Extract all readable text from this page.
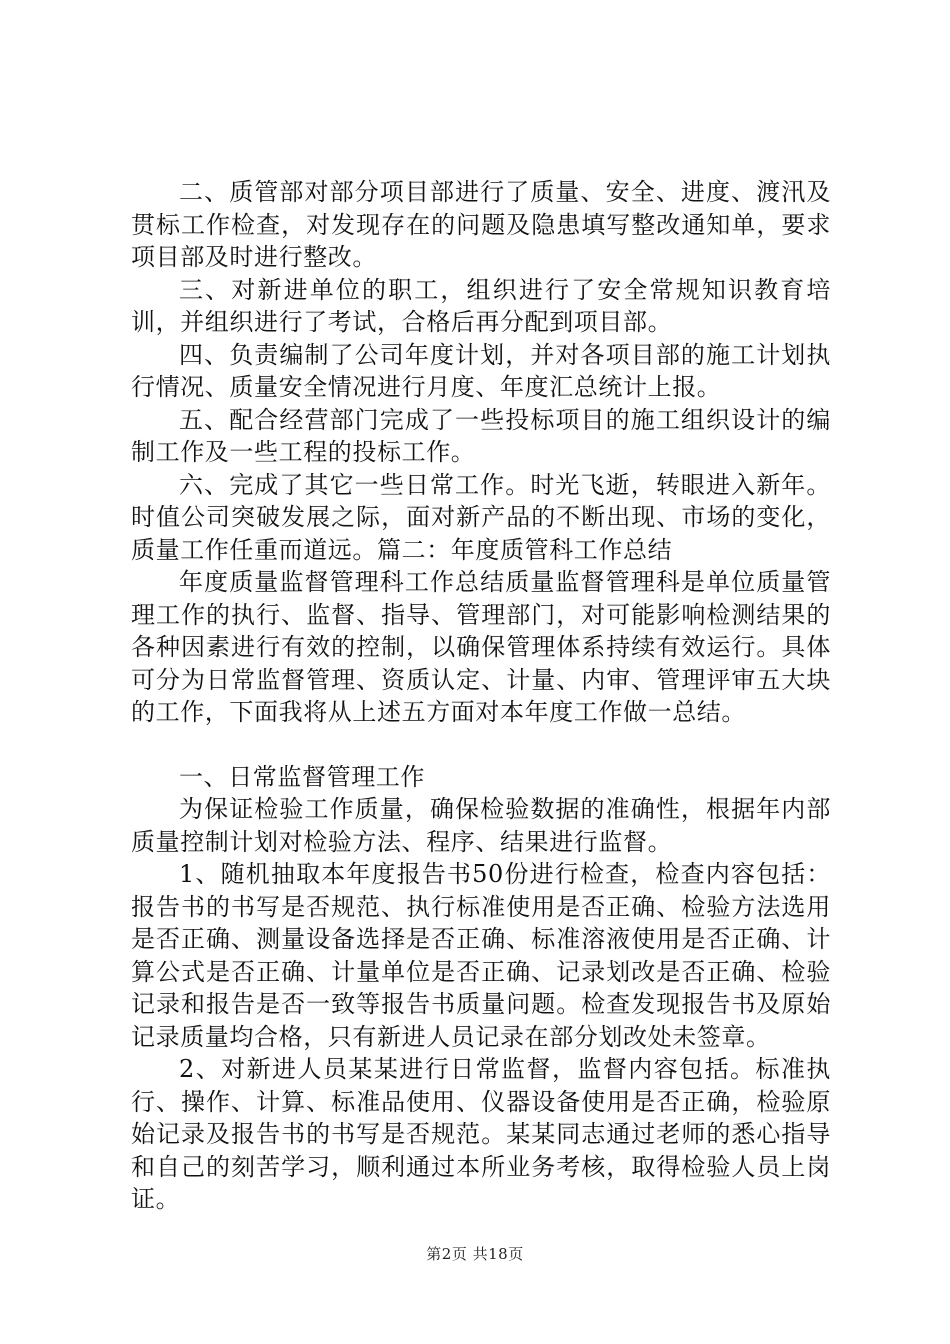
二、质管部对部分项目部进行了质量、安全、进度、渡汛及贯标工作检查，对发现存在的问题及隐患填写整改通知单，要求项目部及时进行整改。

三、对新进单位的职工，组织进行了安全常规知识教育培训，并组织进行了考试，合格后再分配到项目部。

四、负责编制了公司年度计划，并对各项目部的施工计划执行情况、质量安全情况进行月度、年度汇总统计上报。

五、配合经营部门完成了一些投标项目的施工组织设计的编制工作及一些工程的投标工作。

六、完成了其它一些日常工作。时光飞逝，转眼进入新年。时值公司突破发展之际，面对新产品的不断出现、市场的变化，质量工作任重而道远。篇二：年度质管科工作总结

年度质量监督管理科工作总结质量监督管理科是单位质量管理工作的执行、监督、指导、管理部门，对可能影响检测结果的各种因素进行有效的控制，以确保管理体系持续有效运行。具体可分为日常监督管理、资质认定、计量、内审、管理评审五大块的工作，下面我将从上述五方面对本年度工作做一总结。

一、日常监督管理工作

为保证检验工作质量，确保检验数据的准确性，根据年内部质量控制计划对检验方法、程序、结果进行监督。

1、随机抽取本年度报告书50份进行检查，检查内容包括：报告书的书写是否规范、执行标准使用是否正确、检验方法选用是否正确、测量设备选择是否正确、标准溶液使用是否正确、计算公式是否正确、计量单位是否正确、记录划改是否正确、检验记录和报告是否一致等报告书质量问题。检查发现报告书及原始记录质量均合格，只有新进人员记录在部分划改处未签章。

2、对新进人员某某进行日常监督，监督内容包括。标准执行、操作、计算、标准品使用、仪器设备使用是否正确，检验原始记录及报告书的书写是否规范。某某同志通过老师的悉心指导和自己的刻苦学习，顺利通过本所业务考核，取得检验人员上岗证。

第2页 共18页
